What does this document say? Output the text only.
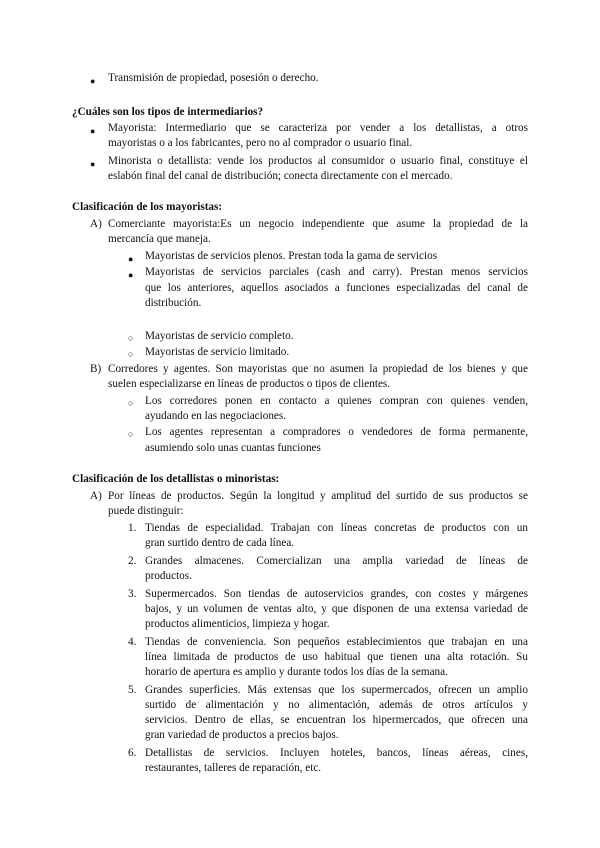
● Transmisión de propiedad, posesión o derecho.
¿Cuáles son los tipos de intermediarios?
● Mayorista: Intermediario que se caracteriza por vender a los detallistas, a otros
mayoristas o a los fabricantes, pero no al comprador o usuario final.
● Minorista o detallista: vende los productos al consumidor o usuario final, constituye el
eslabón final del canal de distribución; conecta directamente con el mercado.
Clasificación de los mayoristas:
A) Comerciante mayorista:Es un negocio independiente que asume la propiedad de la
mercancía que maneja.
● Mayoristas de servicios plenos. Prestan toda la gama de servicios
● Mayoristas de servicios parciales (cash and carry). Prestan menos servicios
que los anteriores, aquellos asociados a funciones especializadas del canal de
distribución.
○ Mayoristas de servicio completo.
○ Mayoristas de servicio limitado.
B) Corredores y agentes. Son mayoristas que no asumen la propiedad de los bienes y que
suelen especializarse en líneas de productos o tipos de clientes.
○ Los corredores ponen en contacto a quienes compran con quienes venden,
ayudando en las negociaciones.
○ Los agentes representan a compradores o vendedores de forma permanente,
asumiendo solo unas cuantas funciones
Clasificación de los detallistas o minoristas:
A) Por líneas de productos. Según la longitud y amplitud del surtido de sus productos se
puede distinguir:
1. Tiendas de especialidad. Trabajan con líneas concretas de productos con un
gran surtido dentro de cada línea.
2. Grandes almacenes. Comercializan una amplia variedad de líneas de
productos.
3. Supermercados. Son tiendas de autoservicios grandes, con costes y márgenes
bajos, y un volumen de ventas alto, y que disponen de una extensa variedad de
productos alimenticios, limpieza y hogar.
4. Tiendas de conveniencia. Son pequeños establecimientos que trabajan en una
línea limitada de productos de uso habitual que tienen una alta rotación. Su
horario de apertura es amplio y durante todos los días de la semana.
5. Grandes superficies. Más extensas que los supermercados, ofrecen un amplio
surtido de alimentación y no alimentación, además de otros artículos y
servicios. Dentro de ellas, se encuentran los hipermercados, que ofrecen una
gran variedad de productos a precios bajos.
6. Detallistas de servicios. Incluyen hoteles, bancos, líneas aéreas, cines,
restaurantes, talleres de reparación, etc.
